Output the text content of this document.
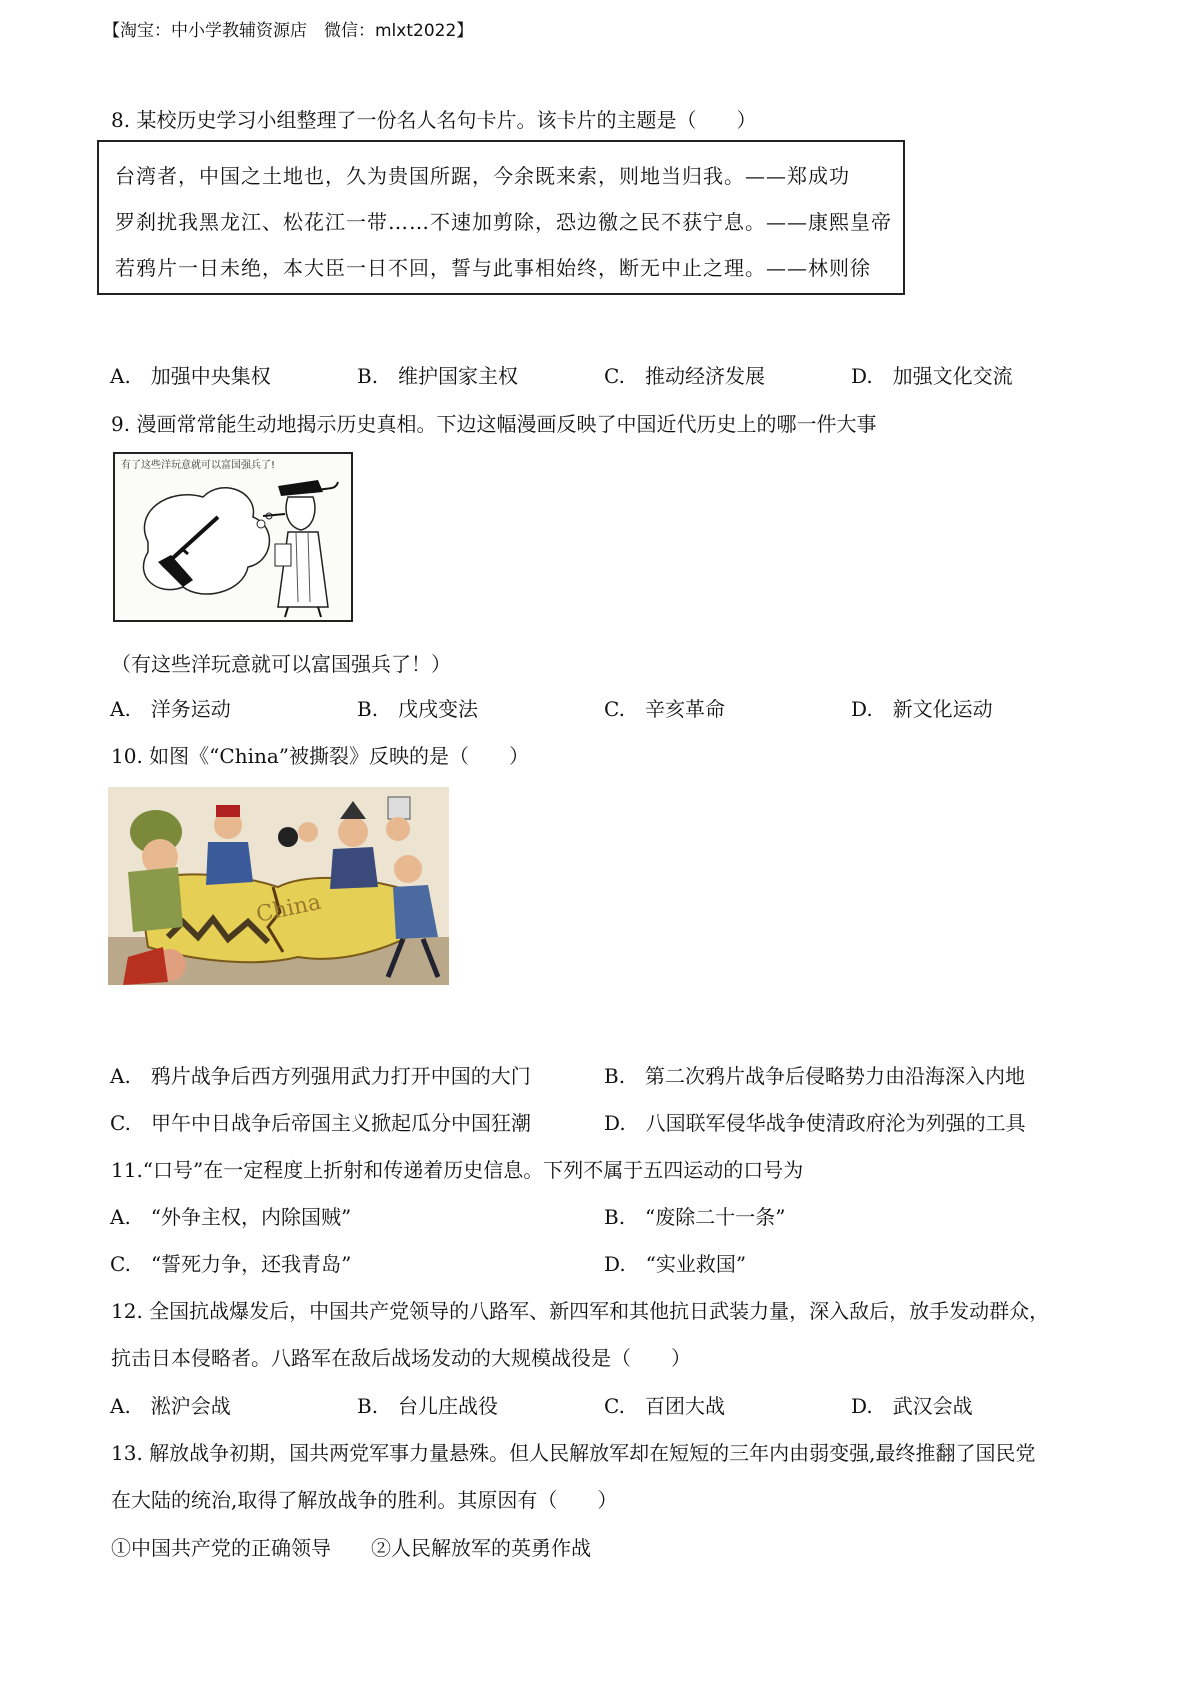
【淘宝：中小学教辅资源店　微信：mlxt2022】
8. 某校历史学习小组整理了一份名人名句卡片。该卡片的主题是（　　）
台湾者，中国之土地也，久为贵国所踞，今余既来索，则地当归我。——郑成功
罗刹扰我黑龙江、松花江一带……不速加剪除，恐边徼之民不获宁息。——康熙皇帝
若鸦片一日未绝，本大臣一日不回，誓与此事相始终，断无中止之理。——林则徐
A.　加强中央集权	B.　维护国家主权	C.　推动经济发展	D.　加强文化交流
9. 漫画常常能生动地揭示历史真相。下边这幅漫画反映了中国近代历史上的哪一件大事
有了这些洋玩意就可以富国强兵了!
（有这些洋玩意就可以富国强兵了！）
A.　洋务运动	B.　戊戌变法	C.　辛亥革命	D.　新文化运动
10. 如图《“China”被撕裂》反映的是（　　）
China
A.　鸦片战争后西方列强用武力打开中国的大门	B.　第二次鸦片战争后侵略势力由沿海深入内地
C.　甲午中日战争后帝国主义掀起瓜分中国狂潮	D.　八国联军侵华战争使清政府沦为列强的工具
11.“口号”在一定程度上折射和传递着历史信息。下列不属于五四运动的口号为
A.　“外争主权，内除国贼”	B.　“废除二十一条”
C.　“誓死力争，还我青岛”	D.　“实业救国”
12. 全国抗战爆发后，中国共产党领导的八路军、新四军和其他抗日武装力量，深入敌后，放手发动群众，
抗击日本侵略者。八路军在敌后战场发动的大规模战役是（　　）
A.　淞沪会战	B.　台儿庄战役	C.　百团大战	D.　武汉会战
13. 解放战争初期，国共两党军事力量悬殊。但人民解放军却在短短的三年内由弱变强,最终推翻了国民党
在大陆的统治,取得了解放战争的胜利。其原因有（　　）
①中国共产党的正确领导　　②人民解放军的英勇作战
